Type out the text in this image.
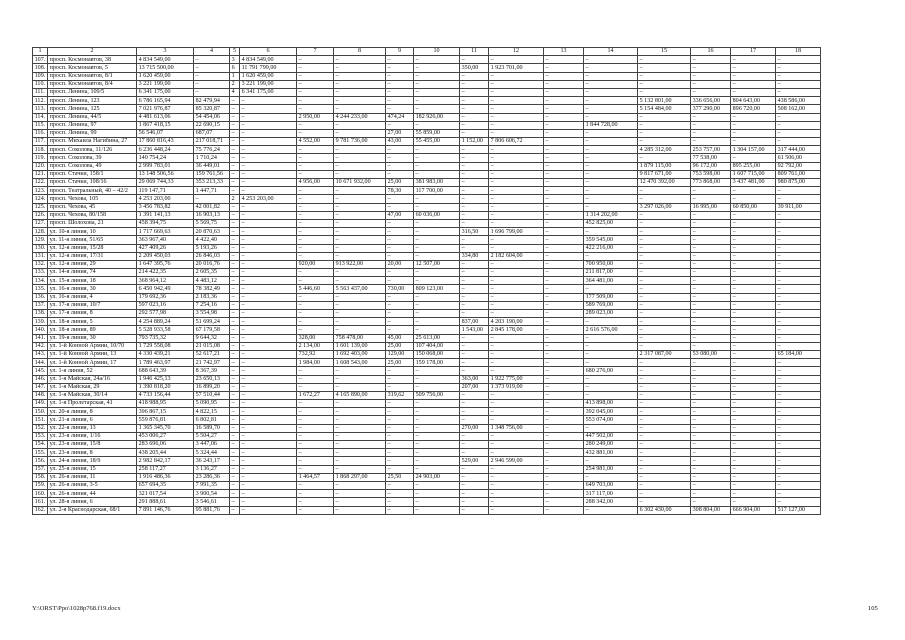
1	2	3	4	5	6	7	8	9	10	11	12	13	14	15	16	17	18
107.	просп. Космонавтов, 38	4 834 549,00	–	3	4 834 549,00	–	–	–	–	–	–	–	–	–	–	–	–
108.	просп. Космонавтов, 5	13 715 500,00	–	6	11 791 799,00	–	–	–	–	350,00	1 923 701,00	–	–	–	–	–	–
109.	просп. Космонавтов, 8/1	1 620 459,00	–	1	1 620 459,00	–	–	–	–	–	–	–	–	–	–	–	–
110.	просп. Космонавтов, 8/4	3 221 199,00	–	2	3 221 199,00	–	–	–	–	–	–	–	–	–	–	–	–
111.	просп. Ленина, 109/5	6 341 175,00	–	4	6 341 175,00	–	–	–	–	–	–	–	–	–	–	–	–
112.	просп. Ленина, 123	6 786 165,94	82 479,94	–	–	–	–	–	–	–	–	–	–	5 132 801,00	336 656,00	804 643,00	438 586,00
113.	просп. Ленина, 125	7 021 976,87	85 320,87	–	–	–	–	–	–	–	–	–	–	5 154 484,00	377 290,00	896 720,00	508 162,00
114.	просп. Ленина, 44/5	4 481 613,06	54 454,06	–	–	2 950,00	4 244 233,00	474,24	182 926,00	–	–	–	–	–	–	–	–
115.	просп. Ленина, 97	1 867 418,15	22 690,15	–	–	–	–	–	–	–	–	–	1 844 728,00	–	–	–	–
116.	просп. Ленина, 99	56 546,07	687,07	–	–	–	–	27,00	55 859,00	–	–	–	–	–	–	–	–
117.	просп. Михаила Нагибина, 27	17 860 816,43	217 018,71	–	–	4 552,00	9 781 736,00	43,00	55 455,00	1 152,00	7 806 606,72	–	–	–	–	–	–
118.	просп. Соколова, 11/126	6 236 448,24	75 776,24	–	–	–	–	–	–	–	–	–	–	4 285 312,00	253 757,00	1 304 157,00	317 444,00
119.	просп. Соколова, 39	140 754,24	1 710,24	–	–	–	–	–	–	–	–	–	–	–	77 538,00	–	61 506,00
120.	просп. Соколова, 49	2 999 783,01	36 449,01	–	–	–	–	–	–	–	–	–	–	1 879 115,00	96 172,00	895 255,00	92 792,00
121.	просп. Стачки, 158/1	13 148 506,56	159 761,56	–	–	–	–	–	–	–	–	–	–	9 817 671,00	753 598,00	1 607 715,00	809 761,00
122.	просп. Стачки, 198/16	29 069 744,33	353 213,33	–	–	4 956,00	10 671 932,00	25,00	381 983,00	–	–	–	–	12 470 392,00	773 868,00	3 437 481,00	980 875,00
123.	просп. Театральный, 40 – 42/2	119 147,71	1 447,71	–	–	–	–	78,30	117 700,00	–	–	–	–	–	–	–	–
124.	просп. Чехова, 105	4 253 203,00	–	2	4 253 203,00	–	–	–	–	–	–	–	–	–	–	–	–
125.	просп. Чехова, 45	3 456 783,82	42 001,82	–	–	–	–	–	–	–	–	–	–	3 297 026,00	16 995,00	60 850,00	39 911,00
126.	просп. Чехова, 80/158	1 391 141,13	16 903,13	–	–	–	–	47,00	60 036,00	–	–	–	1 314 202,00	–	–	–	–
127.	просп. Шолохова, 21	458 394,75	5 569,75	–	–	–	–	–	–	–	–	–	452 825,00	–	–	–	–
128.	ул. 10-я линия, 10	1 717 669,63	20 870,63	–	–	–	–	–	–	316,50	1 696 799,00	–	–	–	–	–	–
129.	ул. 11-я линия, 51/65	363 967,40	4 422,40	–	–	–	–	–	–	–	–	–	359 545,00	–	–	–	–
130.	ул. 12-я линия, 15/28	427 409,26	5 193,26	–	–	–	–	–	–	–	–	–	422 216,00	–	–	–	–
131.	ул. 12-я линия, 17/31	2 209 450,03	26 846,03	–	–	–	–	–	–	334,80	2 182 604,00	–	–	–	–	–	–
132.	ул. 12-я линия, 29	1 647 395,76	20 016,76	–	–	920,00	913 922,00	20,00	12 507,00	–	–	–	700 950,00	–	–	–	–
133.	ул. 14-я линия, 74	214 422,35	2 605,35	–	–	–	–	–	–	–	–	–	211 817,00	–	–	–	–
134.	ул. 15-я линия, 18	368 964,12	4 483,12	–	–	–	–	–	–	–	–	–	364 481,00	–	–	–	–
135.	ул. 16-я линия, 30	6 450 942,49	78 382,49	–	–	5 446,60	5 563 437,00	730,00	809 123,00	–	–	–	–	–	–	–	–
136.	ул. 16-я линия, 4	179 692,36	2 183,36	–	–	–	–	–	–	–	–	–	177 509,00	–	–	–	–
137.	ул. 17-я линия, 10/7	597 023,16	7 254,16	–	–	–	–	–	–	–	–	–	589 769,00	–	–	–	–
138.	ул. 17-я линия, 8	292 577,98	3 554,98	–	–	–	–	–	–	–	–	–	289 023,00	–	–	–	–
139.	ул. 18-я линия, 5	4 254 889,24	51 699,24	–	–	–	–	–	–	837,00	4 203 190,00	–	–	–	–	–	–
140.	ул. 18-я линия, 89	5 528 933,58	67 179,58	–	–	–	–	–	–	1 543,00	2 845 178,00	–	2 616 576,00	–	–	–	–
141.	ул. 19-я линия, 30	793 735,32	9 644,32	–	–	328,00	758 478,00	45,00	25 613,00	–	–	–	–	–	–	–	–
142.	ул. 1-й Конной Армии, 10/70	1 729 558,08	21 015,08	–	–	2 134,00	1 601 139,00	25,00	107 404,00	–	–	–	–	–	–	–	–
143.	ул. 1-й Конной Армии, 13	4 330 439,21	52 617,21	–	–	732,92	1 692 403,00	129,00	150 068,00	–	–	–	–	2 317 087,00	53 080,00	–	65 184,00
144.	ул. 1-й Конной Армии, 17	1 789 463,97	21 742,97	–	–	1 984,00	1 608 543,00	25,00	159 178,00	–	–	–	–	–	–	–	–
145.	ул. 1-я линия, 52	688 643,39	8 367,39	–	–	–	–	–	–	–	–	–	680 276,00	–	–	–	–
146.	ул. 1-я Майская, 24а/16	1 946 425,13	23 650,13	–	–	–	–	–	–	363,00	1 922 775,00	–	–	–	–	–	–
147.	ул. 1-я Майская, 29	1 390 818,20	16 899,20	–	–	–	–	–	–	207,00	1 373 919,00	–	–	–	–	–	–
148.	ул. 1-я Майская, 30/14	4 733 156,44	57 510,44	–	–	1 672,27	4 165 890,00	319,62	509 756,00	–	–	–	–	–	–	–	–
149.	ул. 1-я Пролетарская, 41	418 988,95	5 090,95	–	–	–	–	–	–	–	–	–	413 898,00	–	–	–	–
150.	ул. 20-я линия, 8	396 867,15	4 822,15	–	–	–	–	–	–	–	–	–	392 045,00	–	–	–	–
151.	ул. 21-я линия, 6	559 876,81	6 802,81	–	–	–	–	–	–	–	–	–	553 074,00	–	–	–	–
152.	ул. 22-я линия, 13	1 365 345,70	16 589,70	–	–	–	–	–	–	270,00	1 348 756,00	–	–	–	–	–	–
153.	ул. 23-я линия, 1/16	453 006,27	5 504,27	–	–	–	–	–	–	–	–	–	447 502,00	–	–	–	–
154.	ул. 23-я линия, 15/8	283 696,06	3 447,06	–	–	–	–	–	–	–	–	–	280 249,00	–	–	–	–
155.	ул. 23-я линия, 8	438 205,44	5 324,44	–	–	–	–	–	–	–	–	–	432 881,00	–	–	–	–
156.	ул. 24-я линия, 18/9	2 982 842,17	36 243,17	–	–	–	–	–	–	529,00	2 946 599,00	–	–	–	–	–	–
157.	ул. 25-я линия, 15	258 117,27	3 136,27	–	–	–	–	–	–	–	–	–	254 981,00	–	–	–	–
158.	ул. 26-я линия, 11	1 916 486,36	23 286,36	–	–	1 464,57	1 868 297,00	25,50	24 903,00	–	–	–	–	–	–	–	–
159.	ул. 26-я линия, 3-5	657 694,35	7 991,35	–	–	–	–	–	–	–	–	–	649 703,00	–	–	–	–
160.	ул. 26-я линия, 44	321 017,54	3 900,54	–	–	–	–	–	–	–	–	–	317 117,00	–	–	–	–
161.	ул. 28-я линия, 6	291 888,61	3 546,61	–	–	–	–	–	–	–	–	–	288 342,00	–	–	–	–
162.	ул. 2-я Краснодарская, 68/1	7 891 146,76	95 881,76	–	–	–	–	–	–	–	–	–	–	6 302 430,00	308 804,00	666 904,00	517 127,00
Y:\ORST\Ppo\1028p768.f19.docx	105
